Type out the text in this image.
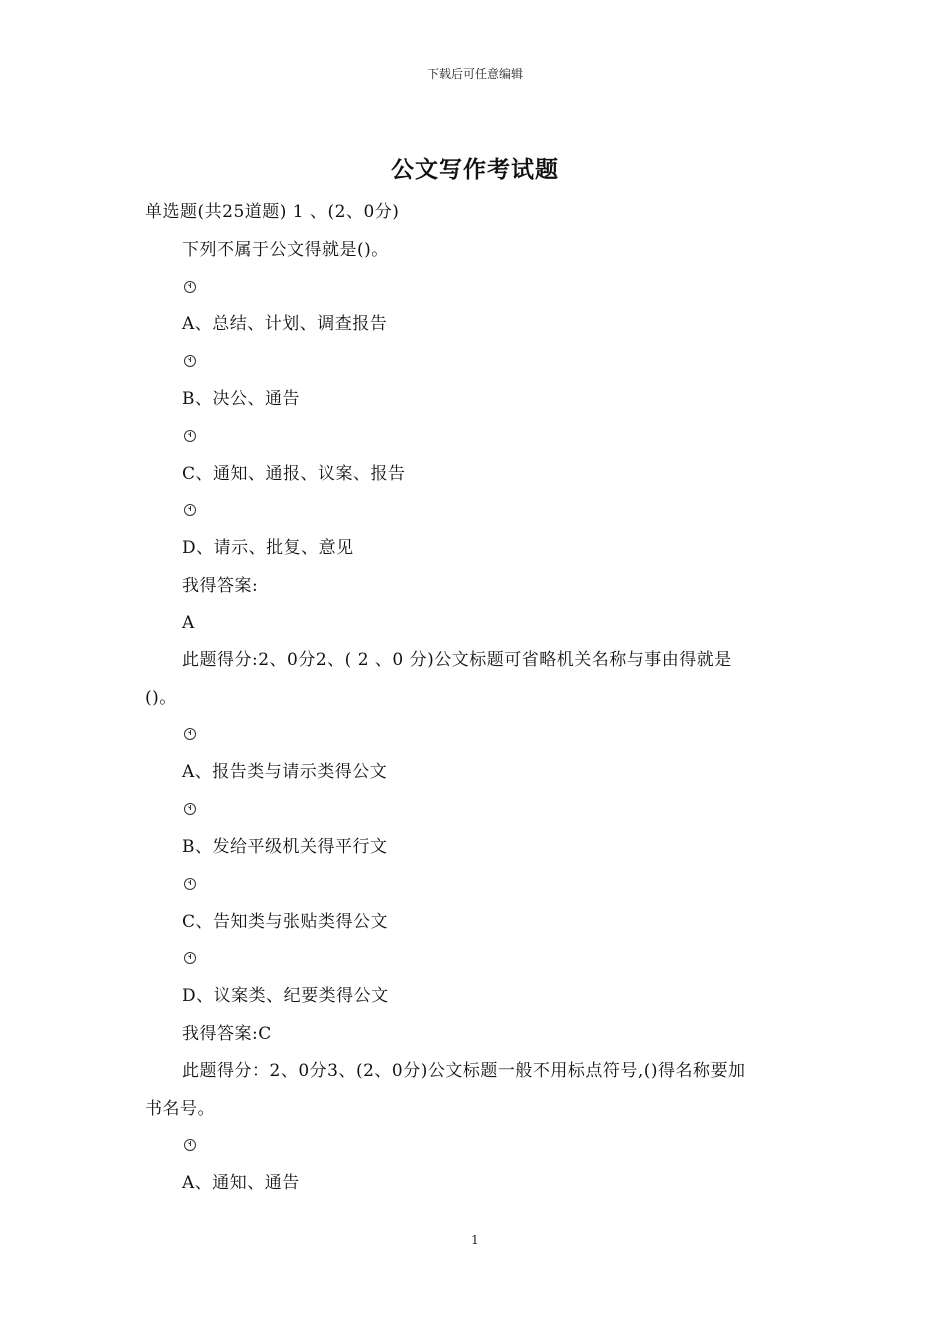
下载后可任意编辑
公文写作考试题
单选题(共25道题) 1 、(2、0分)
下列不属于公文得就是()。
A、总结、计划、调查报告
B、决公、通告
C、通知、通报、议案、报告
D、请示、批复、意见
我得答案:
A
此题得分:2、0分2、( 2 、0 分)公文标题可省略机关名称与事由得就是
()。
A、报告类与请示类得公文
B、发给平级机关得平行文
C、告知类与张贴类得公文
D、议案类、纪要类得公文
我得答案:C
此题得分：2、0分3、(2、0分)公文标题一般不用标点符号,()得名称要加
书名号。
A、通知、通告
1
